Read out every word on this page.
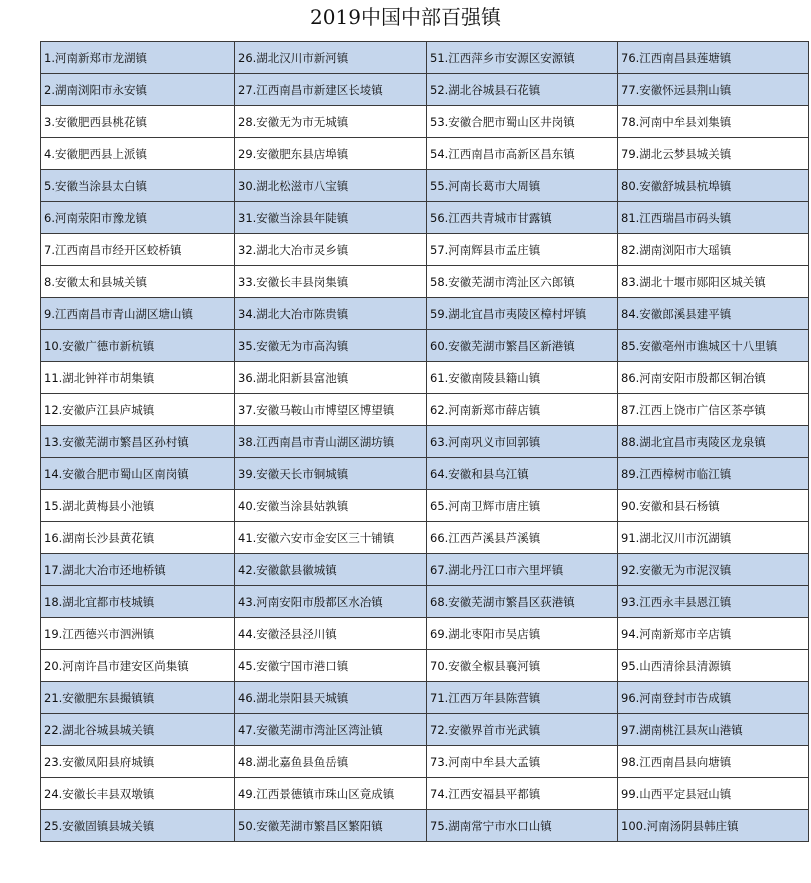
2019中国中部百强镇
1.河南新郑市龙湖镇	26.湖北汉川市新河镇	51.江西萍乡市安源区安源镇	76.江西南昌县莲塘镇
2.湖南浏阳市永安镇	27.江西南昌市新建区长堎镇	52.湖北谷城县石花镇	77.安徽怀远县荆山镇
3.安徽肥西县桃花镇	28.安徽无为市无城镇	53.安徽合肥市蜀山区井岗镇	78.河南中牟县刘集镇
4.安徽肥西县上派镇	29.安徽肥东县店埠镇	54.江西南昌市高新区昌东镇	79.湖北云梦县城关镇
5.安徽当涂县太白镇	30.湖北松滋市八宝镇	55.河南长葛市大周镇	80.安徽舒城县杭埠镇
6.河南荥阳市豫龙镇	31.安徽当涂县年陡镇	56.江西共青城市甘露镇	81.江西瑞昌市码头镇
7.江西南昌市经开区蛟桥镇	32.湖北大冶市灵乡镇	57.河南辉县市孟庄镇	82.湖南浏阳市大瑶镇
8.安徽太和县城关镇	33.安徽长丰县岗集镇	58.安徽芜湖市湾沚区六郎镇	83.湖北十堰市郧阳区城关镇
9.江西南昌市青山湖区塘山镇	34.湖北大冶市陈贵镇	59.湖北宜昌市夷陵区樟村坪镇	84.安徽郎溪县建平镇
10.安徽广德市新杭镇	35.安徽无为市高沟镇	60.安徽芜湖市繁昌区新港镇	85.安徽亳州市谯城区十八里镇
11.湖北钟祥市胡集镇	36.湖北阳新县富池镇	61.安徽南陵县籍山镇	86.河南安阳市殷都区铜冶镇
12.安徽庐江县庐城镇	37.安徽马鞍山市博望区博望镇	62.河南新郑市薛店镇	87.江西上饶市广信区茶亭镇
13.安徽芜湖市繁昌区孙村镇	38.江西南昌市青山湖区湖坊镇	63.河南巩义市回郭镇	88.湖北宜昌市夷陵区龙泉镇
14.安徽合肥市蜀山区南岗镇	39.安徽天长市铜城镇	64.安徽和县乌江镇	89.江西樟树市临江镇
15.湖北黄梅县小池镇	40.安徽当涂县姑孰镇	65.河南卫辉市唐庄镇	90.安徽和县石杨镇
16.湖南长沙县黄花镇	41.安徽六安市金安区三十铺镇	66.江西芦溪县芦溪镇	91.湖北汉川市沉湖镇
17.湖北大冶市还地桥镇	42.安徽歙县徽城镇	67.湖北丹江口市六里坪镇	92.安徽无为市泥汊镇
18.湖北宜都市枝城镇	43.河南安阳市殷都区水冶镇	68.安徽芜湖市繁昌区荻港镇	93.江西永丰县恩江镇
19.江西德兴市泗洲镇	44.安徽泾县泾川镇	69.湖北枣阳市吴店镇	94.河南新郑市辛店镇
20.河南许昌市建安区尚集镇	45.安徽宁国市港口镇	70.安徽全椒县襄河镇	95.山西清徐县清源镇
21.安徽肥东县撮镇镇	46.湖北崇阳县天城镇	71.江西万年县陈营镇	96.河南登封市告成镇
22.湖北谷城县城关镇	47.安徽芜湖市湾沚区湾沚镇	72.安徽界首市光武镇	97.湖南桃江县灰山港镇
23.安徽凤阳县府城镇	48.湖北嘉鱼县鱼岳镇	73.河南中牟县大孟镇	98.江西南昌县向塘镇
24.安徽长丰县双墩镇	49.江西景德镇市珠山区竟成镇	74.江西安福县平都镇	99.山西平定县冠山镇
25.安徽固镇县城关镇	50.安徽芜湖市繁昌区繁阳镇	75.湖南常宁市水口山镇	100.河南汤阴县韩庄镇
